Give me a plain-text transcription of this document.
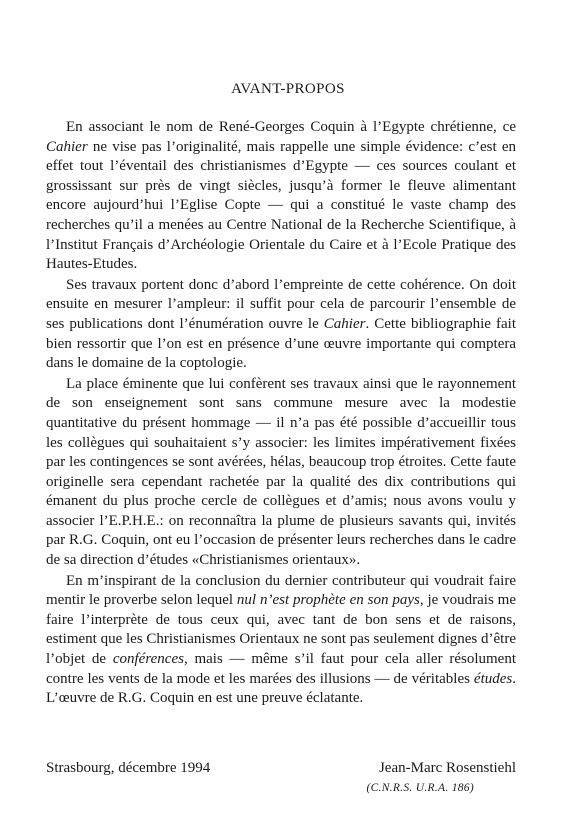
AVANT-PROPOS

En associant le nom de René-Georges Coquin à l’Egypte chrétienne, ce Cahier ne vise pas l’originalité, mais rappelle une simple évidence: c’est en effet tout l’éventail des christianismes d’Egypte — ces sources coulant et grossissant sur près de vingt siècles, jusqu’à former le fleuve alimentant encore aujourd’hui l’Eglise Copte — qui a constitué le vaste champ des recherches qu’il a menées au Centre National de la Recherche Scientifique, à l’Institut Français d’Archéologie Orientale du Caire et à l’Ecole Pratique des Hautes-Etudes.

Ses travaux portent donc d’abord l’empreinte de cette cohérence. On doit ensuite en mesurer l’ampleur: il suffit pour cela de parcourir l’ensemble de ses publications dont l’énumération ouvre le Cahier. Cette bibliographie fait bien ressortir que l’on est en présence d’une œuvre importante qui comptera dans le domaine de la coptologie.

La place éminente que lui confèrent ses travaux ainsi que le rayonnement de son enseignement sont sans commune mesure avec la modestie quantitative du présent hommage — il n’a pas été possible d’accueillir tous les collègues qui souhaitaient s’y associer: les limites impérativement fixées par les contingences se sont avérées, hélas, beaucoup trop étroites. Cette faute originelle sera cependant rachetée par la qualité des dix contributions qui émanent du plus proche cercle de collègues et d’amis; nous avons voulu y associer l’E.P.H.E.: on reconnaîtra la plume de plusieurs savants qui, invités par R.G. Coquin, ont eu l’occasion de présenter leurs recherches dans le cadre de sa direction d’études «Christianismes orientaux».

En m’inspirant de la conclusion du dernier contributeur qui voudrait faire mentir le proverbe selon lequel nul n’est prophète en son pays, je voudrais me faire l’interprète de tous ceux qui, avec tant de bon sens et de raisons, estiment que les Christianismes Orientaux ne sont pas seulement dignes d’être l’objet de conférences, mais — même s’il faut pour cela aller résolument contre les vents de la mode et les marées des illusions — de véritables études. L’œuvre de R.G. Coquin en est une preuve éclatante.

Strasbourg, décembre 1994	Jean-Marc Rosenstiehl
(C.N.R.S. U.R.A. 186)
